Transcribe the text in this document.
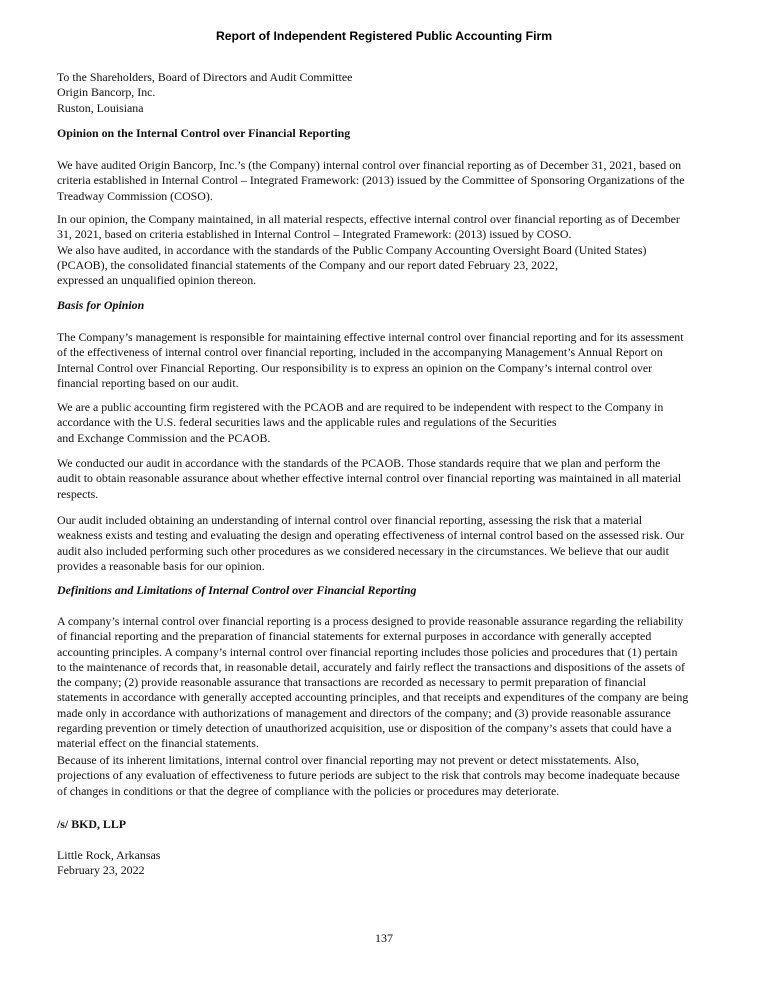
Report of Independent Registered Public Accounting Firm
To the Shareholders, Board of Directors and Audit Committee
Origin Bancorp, Inc.
Ruston, Louisiana
Opinion on the Internal Control over Financial Reporting
We have audited Origin Bancorp, Inc.’s (the Company) internal control over financial reporting as of December 31, 2021, based on
criteria established in Internal Control – Integrated Framework: (2013) issued by the Committee of Sponsoring Organizations of the
Treadway Commission (COSO).
In our opinion, the Company maintained, in all material respects, effective internal control over financial reporting as of December
31, 2021, based on criteria established in Internal Control – Integrated Framework: (2013) issued by COSO.
We also have audited, in accordance with the standards of the Public Company Accounting Oversight Board (United States)
(PCAOB), the consolidated financial statements of the Company and our report dated February 23, 2022,
expressed an unqualified opinion thereon.
Basis for Opinion
The Company’s management is responsible for maintaining effective internal control over financial reporting and for its assessment
of the effectiveness of internal control over financial reporting, included in the accompanying Management’s Annual Report on
Internal Control over Financial Reporting. Our responsibility is to express an opinion on the Company’s internal control over
financial reporting based on our audit.
We are a public accounting firm registered with the PCAOB and are required to be independent with respect to the Company in
accordance with the U.S. federal securities laws and the applicable rules and regulations of the Securities
and Exchange Commission and the PCAOB.
We conducted our audit in accordance with the standards of the PCAOB. Those standards require that we plan and perform the
audit to obtain reasonable assurance about whether effective internal control over financial reporting was maintained in all material
respects.
Our audit included obtaining an understanding of internal control over financial reporting, assessing the risk that a material
weakness exists and testing and evaluating the design and operating effectiveness of internal control based on the assessed risk. Our
audit also included performing such other procedures as we considered necessary in the circumstances. We believe that our audit
provides a reasonable basis for our opinion.
Definitions and Limitations of Internal Control over Financial Reporting
A company’s internal control over financial reporting is a process designed to provide reasonable assurance regarding the reliability
of financial reporting and the preparation of financial statements for external purposes in accordance with generally accepted
accounting principles. A company’s internal control over financial reporting includes those policies and procedures that (1) pertain
to the maintenance of records that, in reasonable detail, accurately and fairly reflect the transactions and dispositions of the assets of
the company; (2) provide reasonable assurance that transactions are recorded as necessary to permit preparation of financial
statements in accordance with generally accepted accounting principles, and that receipts and expenditures of the company are being
made only in accordance with authorizations of management and directors of the company; and (3) provide reasonable assurance
regarding prevention or timely detection of unauthorized acquisition, use or disposition of the company’s assets that could have a
material effect on the financial statements.
Because of its inherent limitations, internal control over financial reporting may not prevent or detect misstatements. Also,
projections of any evaluation of effectiveness to future periods are subject to the risk that controls may become inadequate because
of changes in conditions or that the degree of compliance with the policies or procedures may deteriorate.
/s/ BKD, LLP
Little Rock, Arkansas
February 23, 2022
137
